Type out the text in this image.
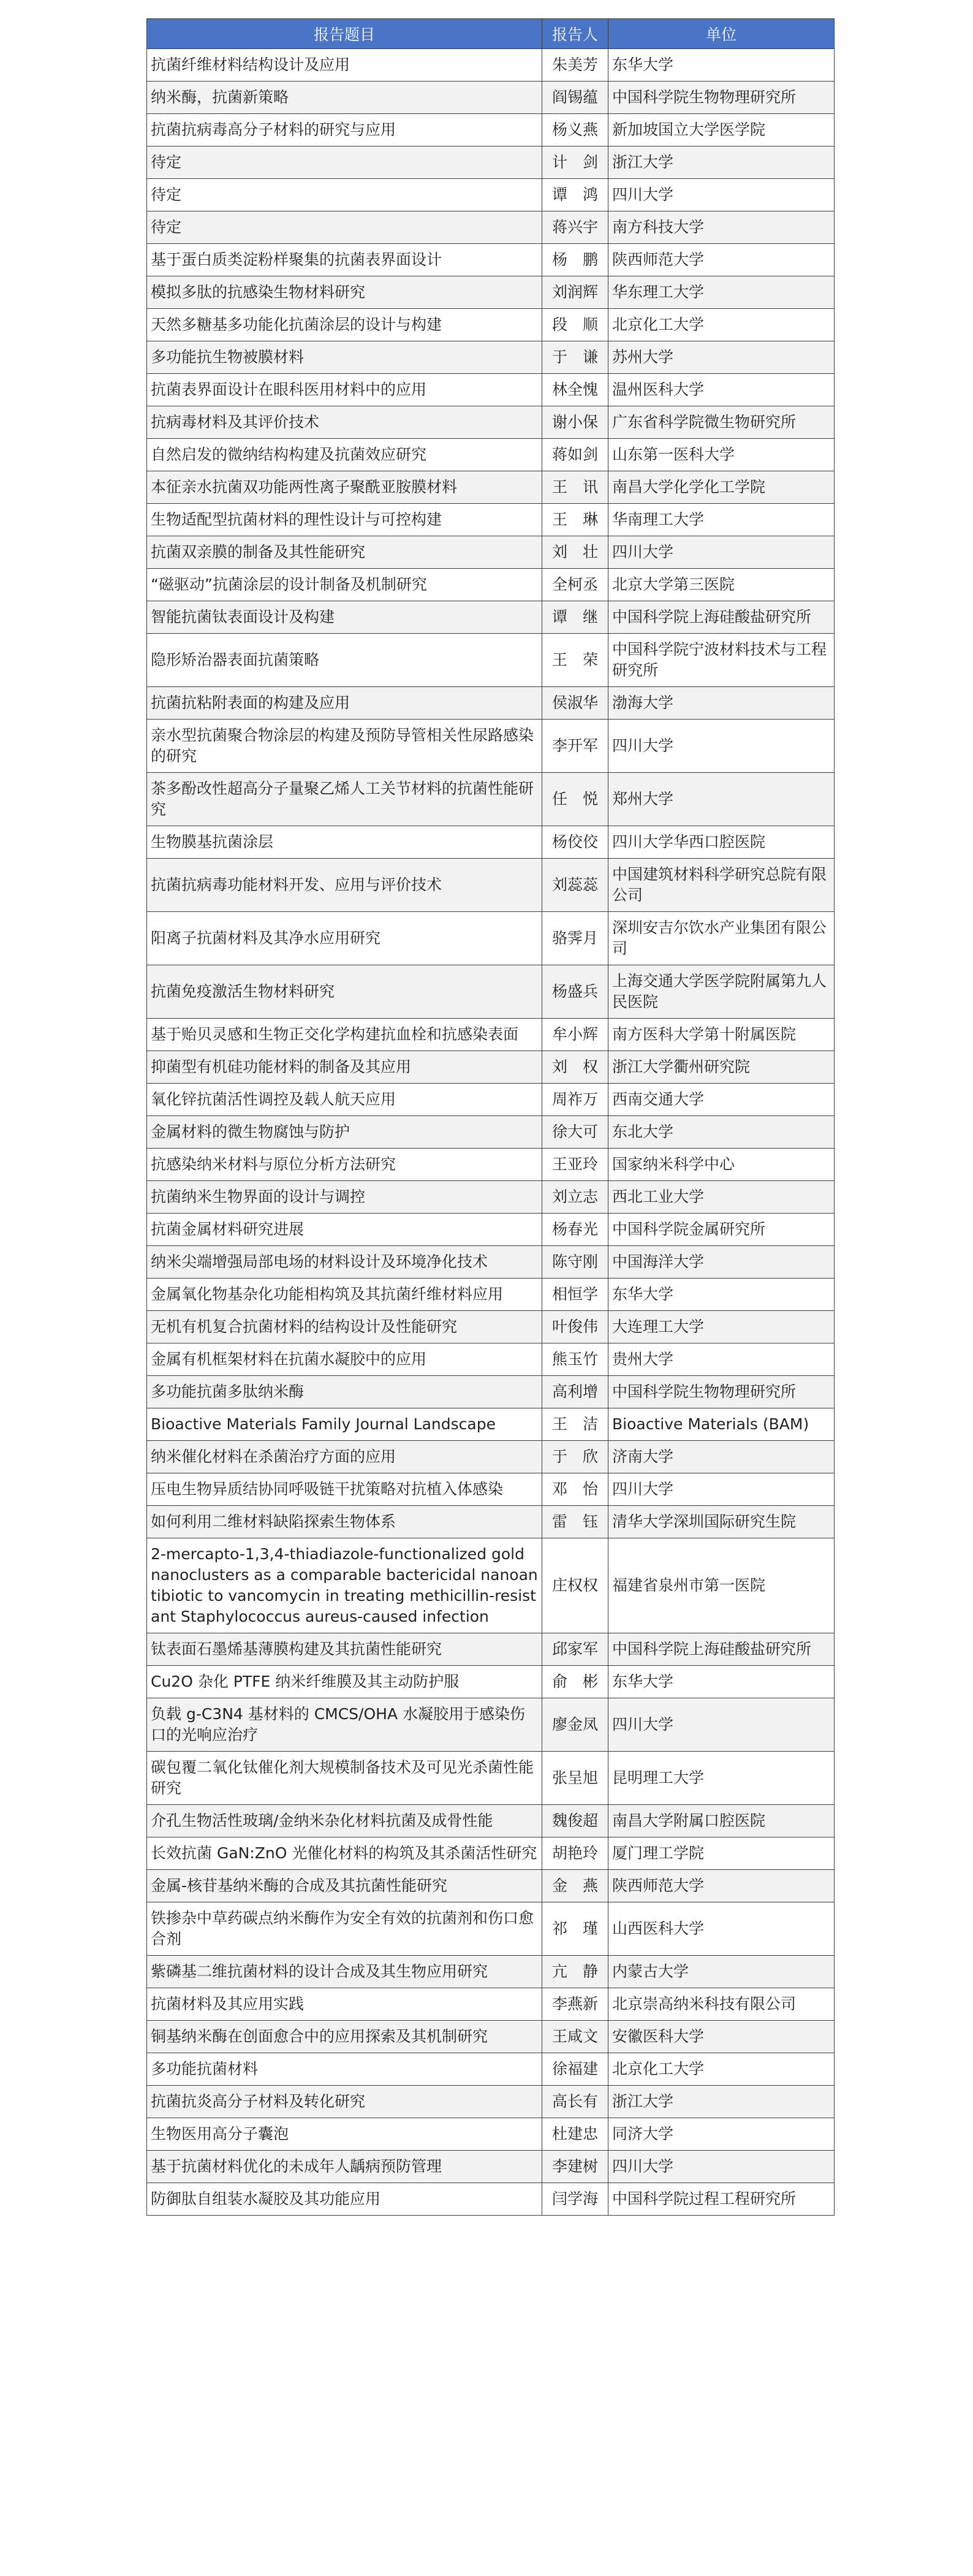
报告题目	报告人	单位
抗菌纤维材料结构设计及应用	朱美芳	东华大学
纳米酶，抗菌新策略	阎锡蕴	中国科学院生物物理研究所
抗菌抗病毒高分子材料的研究与应用	杨义燕	新加坡国立大学医学院
待定	计　剑	浙江大学
待定	谭　鸿	四川大学
待定	蒋兴宇	南方科技大学
基于蛋白质类淀粉样聚集的抗菌表界面设计	杨　鹏	陕西师范大学
模拟多肽的抗感染生物材料研究	刘润辉	华东理工大学
天然多糖基多功能化抗菌涂层的设计与构建	段　顺	北京化工大学
多功能抗生物被膜材料	于　谦	苏州大学
抗菌表界面设计在眼科医用材料中的应用	林全愧	温州医科大学
抗病毒材料及其评价技术	谢小保	广东省科学院微生物研究所
自然启发的微纳结构构建及抗菌效应研究	蒋如剑	山东第一医科大学
本征亲水抗菌双功能两性离子聚酰亚胺膜材料	王　讯	南昌大学化学化工学院
生物适配型抗菌材料的理性设计与可控构建	王　琳	华南理工大学
抗菌双亲膜的制备及其性能研究	刘　壮	四川大学
“磁驱动”抗菌涂层的设计制备及机制研究	全柯丞	北京大学第三医院
智能抗菌钛表面设计及构建	谭　继	中国科学院上海硅酸盐研究所
隐形矫治器表面抗菌策略	王　荣	中国科学院宁波材料技术与工程研究所
抗菌抗粘附表面的构建及应用	侯淑华	渤海大学
亲水型抗菌聚合物涂层的构建及预防导管相关性尿路感染的研究	李开军	四川大学
茶多酚改性超高分子量聚乙烯人工关节材料的抗菌性能研究	任　悦	郑州大学
生物膜基抗菌涂层	杨佼佼	四川大学华西口腔医院
抗菌抗病毒功能材料开发、应用与评价技术	刘蕊蕊	中国建筑材料科学研究总院有限公司
阳离子抗菌材料及其净水应用研究	骆霁月	深圳安吉尔饮水产业集团有限公司
抗菌免疫激活生物材料研究	杨盛兵	上海交通大学医学院附属第九人民医院
基于贻贝灵感和生物正交化学构建抗血栓和抗感染表面	牟小辉	南方医科大学第十附属医院
抑菌型有机硅功能材料的制备及其应用	刘　权	浙江大学衢州研究院
氧化锌抗菌活性调控及载人航天应用	周祚万	西南交通大学
金属材料的微生物腐蚀与防护	徐大可	东北大学
抗感染纳米材料与原位分析方法研究	王亚玲	国家纳米科学中心
抗菌纳米生物界面的设计与调控	刘立志	西北工业大学
抗菌金属材料研究进展	杨春光	中国科学院金属研究所
纳米尖端增强局部电场的材料设计及环境净化技术	陈守刚	中国海洋大学
金属氧化物基杂化功能相构筑及其抗菌纤维材料应用	相恒学	东华大学
无机有机复合抗菌材料的结构设计及性能研究	叶俊伟	大连理工大学
金属有机框架材料在抗菌水凝胶中的应用	熊玉竹	贵州大学
多功能抗菌多肽纳米酶	高利增	中国科学院生物物理研究所
Bioactive Materials Family Journal Landscape	王　洁	Bioactive Materials (BAM)
纳米催化材料在杀菌治疗方面的应用	于　欣	济南大学
压电生物异质结协同呼吸链干扰策略对抗植入体感染	邓　怡	四川大学
如何利用二维材料缺陷探索生物体系	雷　钰	清华大学深圳国际研究生院
2-mercapto-1,3,4-thiadiazole-functionalized gold nanoclusters as a comparable bactericidal nanoantibiotic to vancomycin in treating methicillin-resistant Staphylococcus aureus-caused infection	庄权权	福建省泉州市第一医院
钛表面石墨烯基薄膜构建及其抗菌性能研究	邱家军	中国科学院上海硅酸盐研究所
Cu2O 杂化 PTFE 纳米纤维膜及其主动防护服	俞　彬	东华大学
负载 g-C3N4 基材料的 CMCS/OHA 水凝胶用于感染伤口的光响应治疗	廖金凤	四川大学
碳包覆二氧化钛催化剂大规模制备技术及可见光杀菌性能研究	张呈旭	昆明理工大学
介孔生物活性玻璃/金纳米杂化材料抗菌及成骨性能	魏俊超	南昌大学附属口腔医院
长效抗菌 GaN:ZnO 光催化材料的构筑及其杀菌活性研究	胡艳玲	厦门理工学院
金属-核苷基纳米酶的合成及其抗菌性能研究	金　燕	陕西师范大学
铁掺杂中草药碳点纳米酶作为安全有效的抗菌剂和伤口愈合剂	祁　瑾	山西医科大学
紫磷基二维抗菌材料的设计合成及其生物应用研究	亢　静	内蒙古大学
抗菌材料及其应用实践	李燕新	北京崇高纳米科技有限公司
铜基纳米酶在创面愈合中的应用探索及其机制研究	王咸文	安徽医科大学
多功能抗菌材料	徐福建	北京化工大学
抗菌抗炎高分子材料及转化研究	高长有	浙江大学
生物医用高分子囊泡	杜建忠	同济大学
基于抗菌材料优化的未成年人龋病预防管理	李建树	四川大学
防御肽自组装水凝胶及其功能应用	闫学海	中国科学院过程工程研究所
